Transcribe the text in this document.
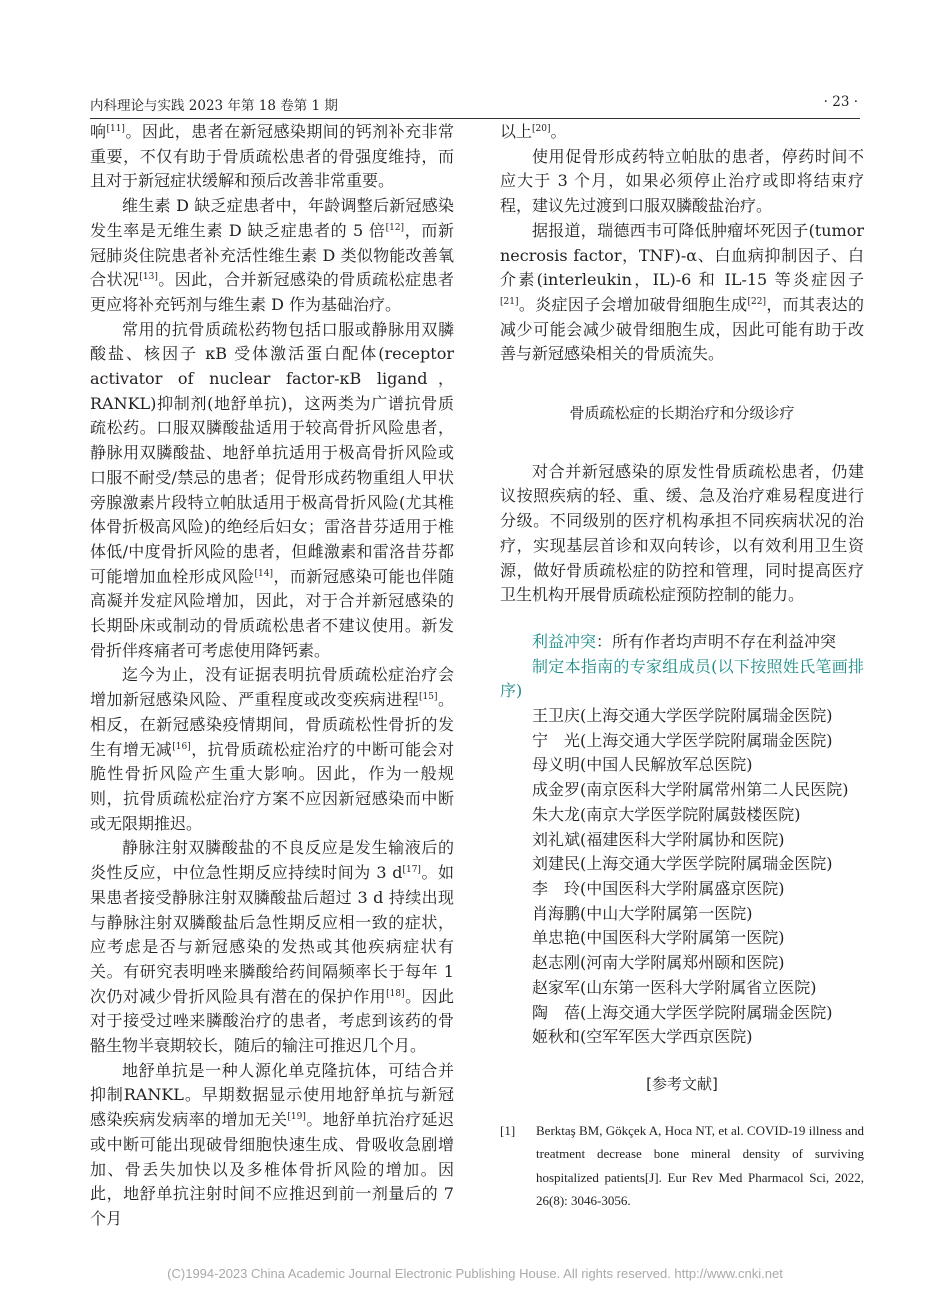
内科理论与实践 2023 年第 18 卷第 1 期	· 23 ·

响[11]。因此，患者在新冠感染期间的钙剂补充非常重要，不仅有助于骨质疏松患者的骨强度维持，而且对于新冠症状缓解和预后改善非常重要。

维生素 D 缺乏症患者中，年龄调整后新冠感染发生率是无维生素 D 缺乏症患者的 5 倍[12]，而新冠肺炎住院患者补充活性维生素 D 类似物能改善氧合状况[13]。因此，合并新冠感染的骨质疏松症患者更应将补充钙剂与维生素 D 作为基础治疗。

常用的抗骨质疏松药物包括口服或静脉用双膦酸盐、核因子 κB 受体激活蛋白配体(receptor activator of nuclear factor-κB ligand，RANKL)抑制剂(地舒单抗)，这两类为广谱抗骨质疏松药。口服双膦酸盐适用于较高骨折风险患者，静脉用双膦酸盐、地舒单抗适用于极高骨折风险或口服不耐受/禁忌的患者；促骨形成药物重组人甲状旁腺激素片段特立帕肽适用于极高骨折风险(尤其椎体骨折极高风险)的绝经后妇女；雷洛昔芬适用于椎体低/中度骨折风险的患者，但雌激素和雷洛昔芬都可能增加血栓形成风险[14]，而新冠感染可能也伴随高凝并发症风险增加，因此，对于合并新冠感染的长期卧床或制动的骨质疏松患者不建议使用。新发骨折伴疼痛者可考虑使用降钙素。

迄今为止，没有证据表明抗骨质疏松症治疗会增加新冠感染风险、严重程度或改变疾病进程[15]。相反，在新冠感染疫情期间，骨质疏松性骨折的发生有增无减[16]，抗骨质疏松症治疗的中断可能会对脆性骨折风险产生重大影响。因此，作为一般规则，抗骨质疏松症治疗方案不应因新冠感染而中断或无限期推迟。

静脉注射双膦酸盐的不良反应是发生输液后的炎性反应，中位急性期反应持续时间为 3 d[17]。如果患者接受静脉注射双膦酸盐后超过 3 d 持续出现与静脉注射双膦酸盐后急性期反应相一致的症状，应考虑是否与新冠感染的发热或其他疾病症状有关。有研究表明唑来膦酸给药间隔频率长于每年 1 次仍对减少骨折风险具有潜在的保护作用[18]。因此对于接受过唑来膦酸治疗的患者，考虑到该药的骨骼生物半衰期较长，随后的输注可推迟几个月。

地舒单抗是一种人源化单克隆抗体，可结合并抑制RANKL。早期数据显示使用地舒单抗与新冠感染疾病发病率的增加无关[19]。地舒单抗治疗延迟或中断可能出现破骨细胞快速生成、骨吸收急剧增加、骨丢失加快以及多椎体骨折风险的增加。因此，地舒单抗注射时间不应推迟到前一剂量后的 7 个月

以上[20]。

使用促骨形成药特立帕肽的患者，停药时间不应大于 3 个月，如果必须停止治疗或即将结束疗程，建议先过渡到口服双膦酸盐治疗。

据报道，瑞德西韦可降低肿瘤坏死因子(tumor necrosis factor，TNF)-α、白血病抑制因子、白介素(interleukin，IL)-6 和 IL-15 等炎症因子[21]。炎症因子会增加破骨细胞生成[22]，而其表达的减少可能会减少破骨细胞生成，因此可能有助于改善与新冠感染相关的骨质流失。

骨质疏松症的长期治疗和分级诊疗

对合并新冠感染的原发性骨质疏松患者，仍建议按照疾病的轻、重、缓、急及治疗难易程度进行分级。不同级别的医疗机构承担不同疾病状况的治疗，实现基层首诊和双向转诊，以有效利用卫生资源，做好骨质疏松症的防控和管理，同时提高医疗卫生机构开展骨质疏松症预防控制的能力。

利益冲突：所有作者均声明不存在利益冲突

制定本指南的专家组成员(以下按照姓氏笔画排序)

王卫庆(上海交通大学医学院附属瑞金医院)
宁　光(上海交通大学医学院附属瑞金医院)
母义明(中国人民解放军总医院)
成金罗(南京医科大学附属常州第二人民医院)
朱大龙(南京大学医学院附属鼓楼医院)
刘礼斌(福建医科大学附属协和医院)
刘建民(上海交通大学医学院附属瑞金医院)
李　玲(中国医科大学附属盛京医院)
肖海鹏(中山大学附属第一医院)
单忠艳(中国医科大学附属第一医院)
赵志刚(河南大学附属郑州颐和医院)
赵家军(山东第一医科大学附属省立医院)
陶　蓓(上海交通大学医学院附属瑞金医院)
姬秋和(空军军医大学西京医院)
[参考文献]
[1]	Berktaş BM, Gökçek A, Hoca NT, et al. COVID-19 illness and treatment decrease bone mineral density of surviving hospitalized patients[J]. Eur Rev Med Pharmacol Sci, 2022, 26(8): 3046-3056.
(C)1994-2023 China Academic Journal Electronic Publishing House. All rights reserved. http://www.cnki.net
